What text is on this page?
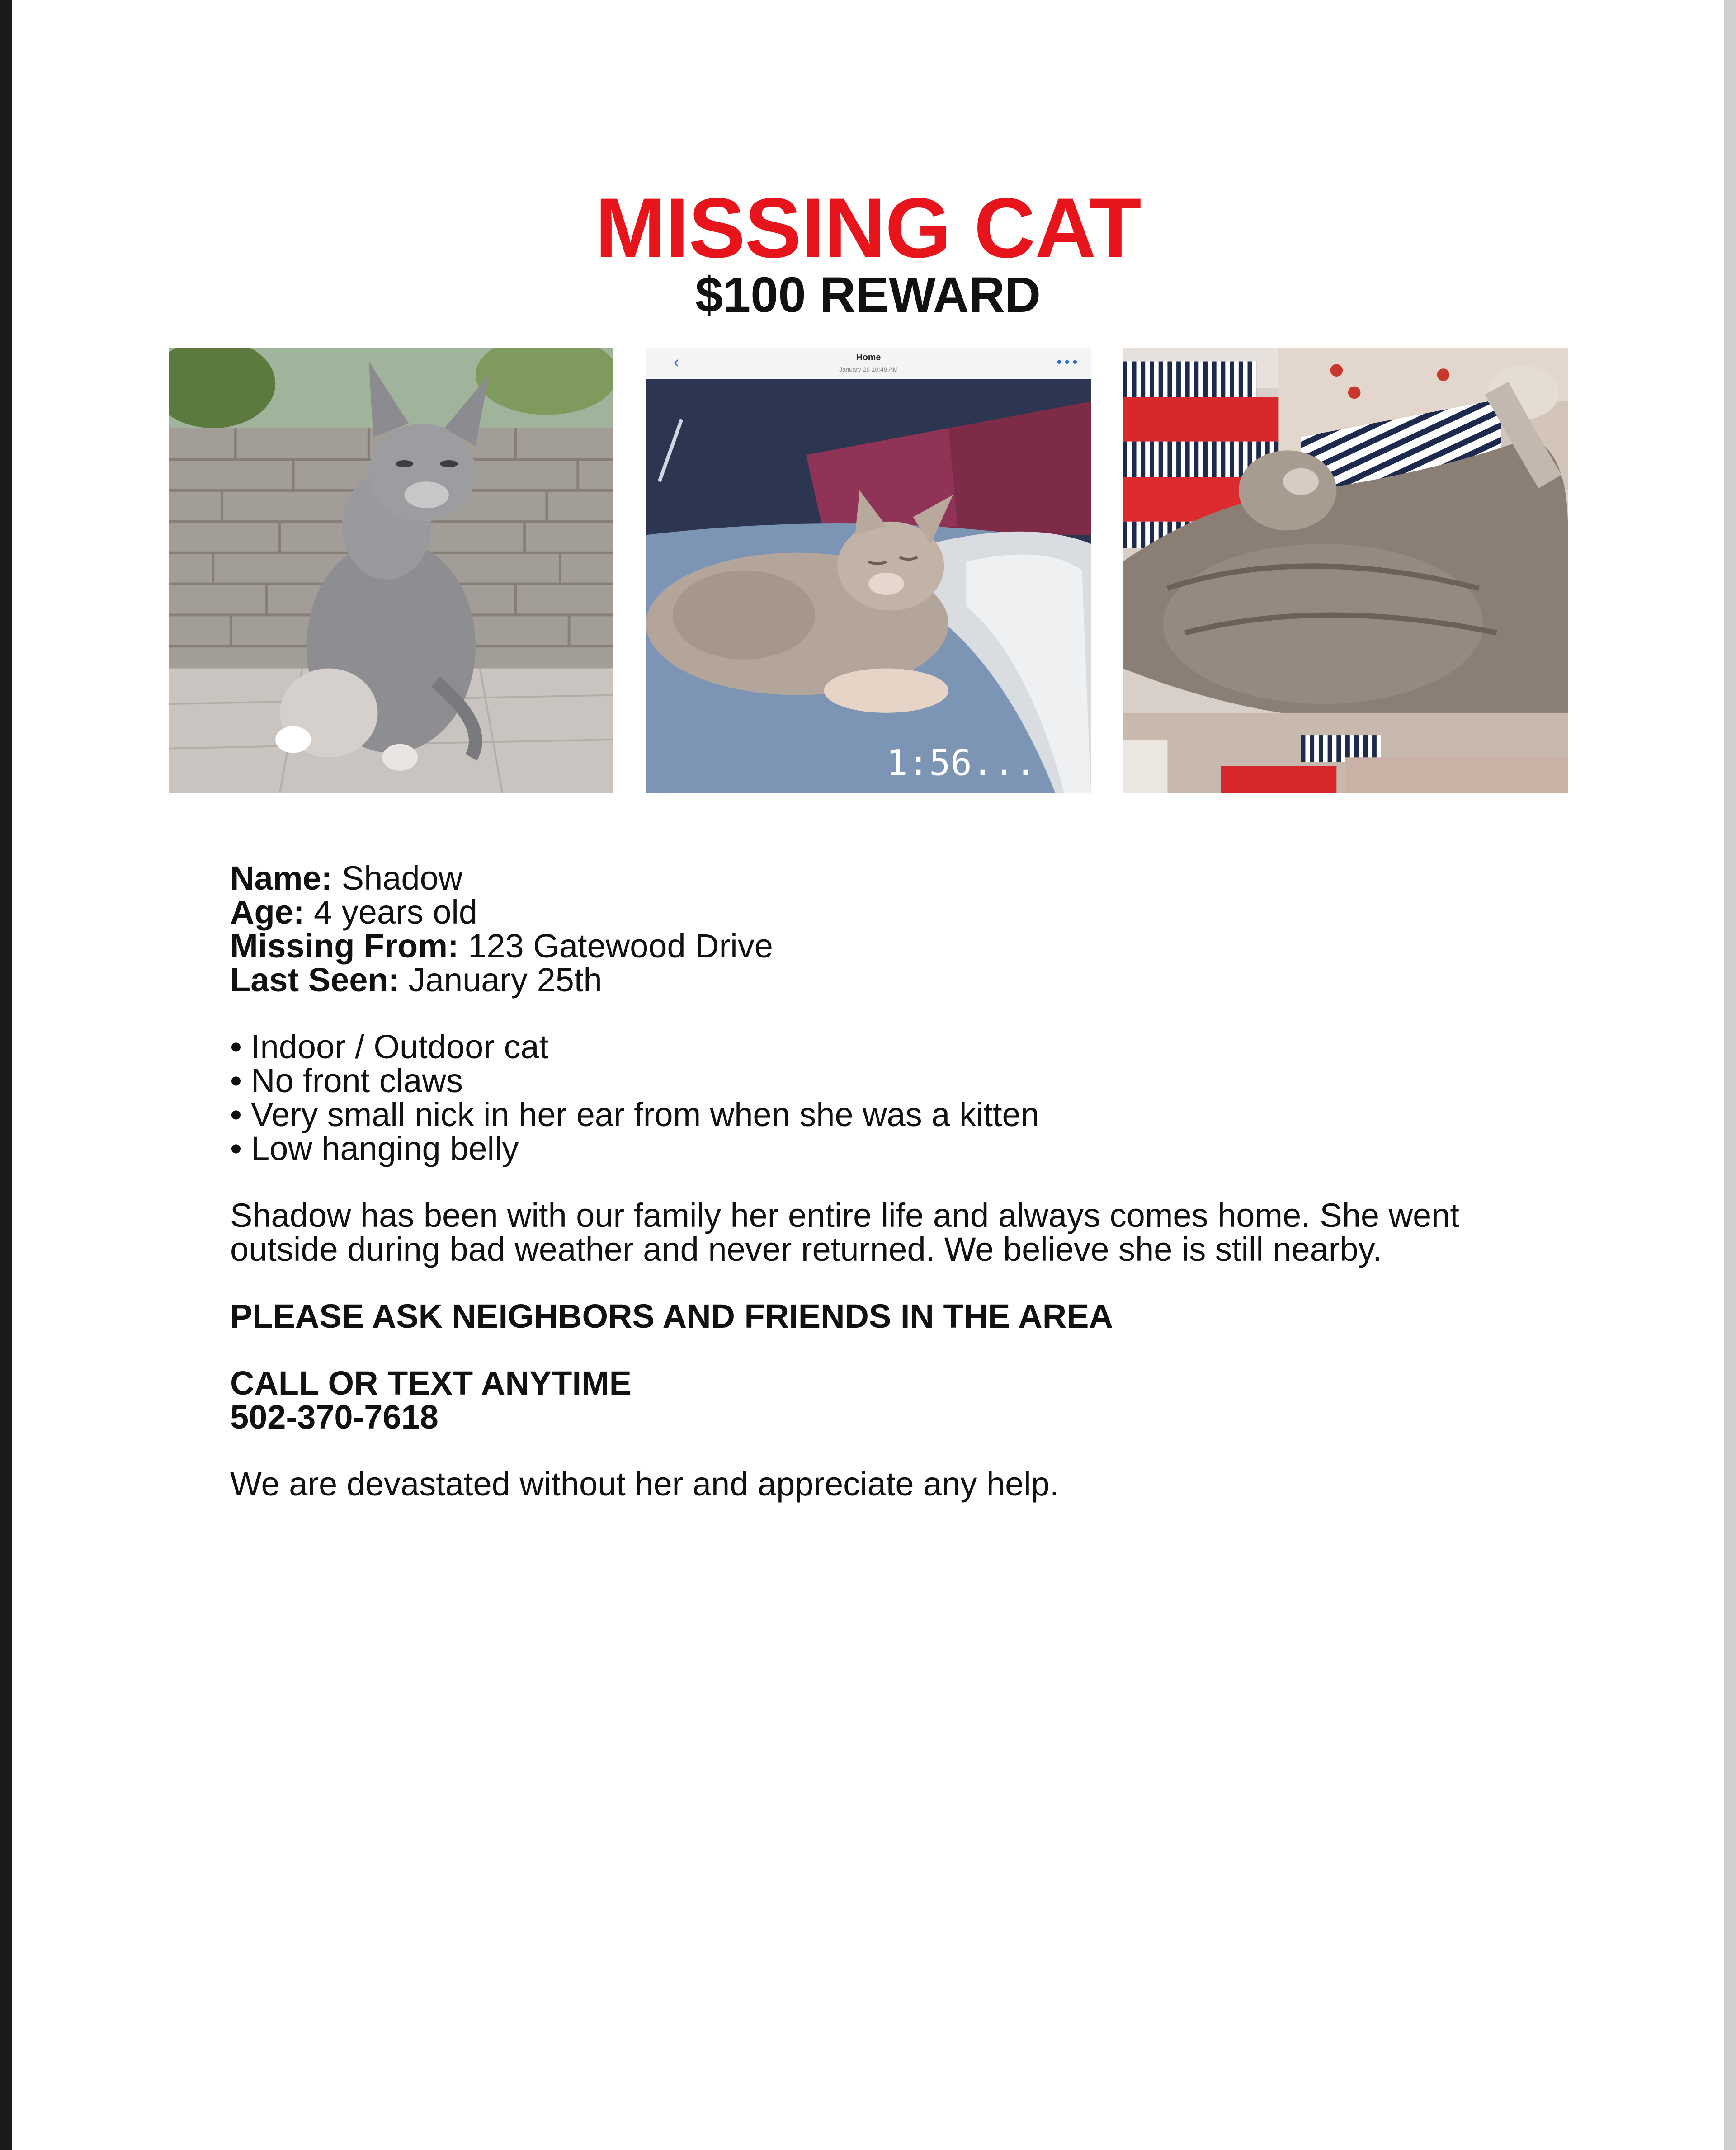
MISSING CAT
$100 REWARD
‹	•••
Home
January 26 10:48 AM
1:56...
Name: Shadow
Age: 4 years old
Missing From: 123 Gatewood Drive
Last Seen: January 25th
• Indoor / Outdoor cat
• No front claws
• Very small nick in her ear from when she was a kitten
• Low hanging belly
Shadow has been with our family her entire life and always comes home. She went
outside during bad weather and never returned. We believe she is still nearby.
PLEASE ASK NEIGHBORS AND FRIENDS IN THE AREA
CALL OR TEXT ANYTIME
502-370-7618
We are devastated without her and appreciate any help.
